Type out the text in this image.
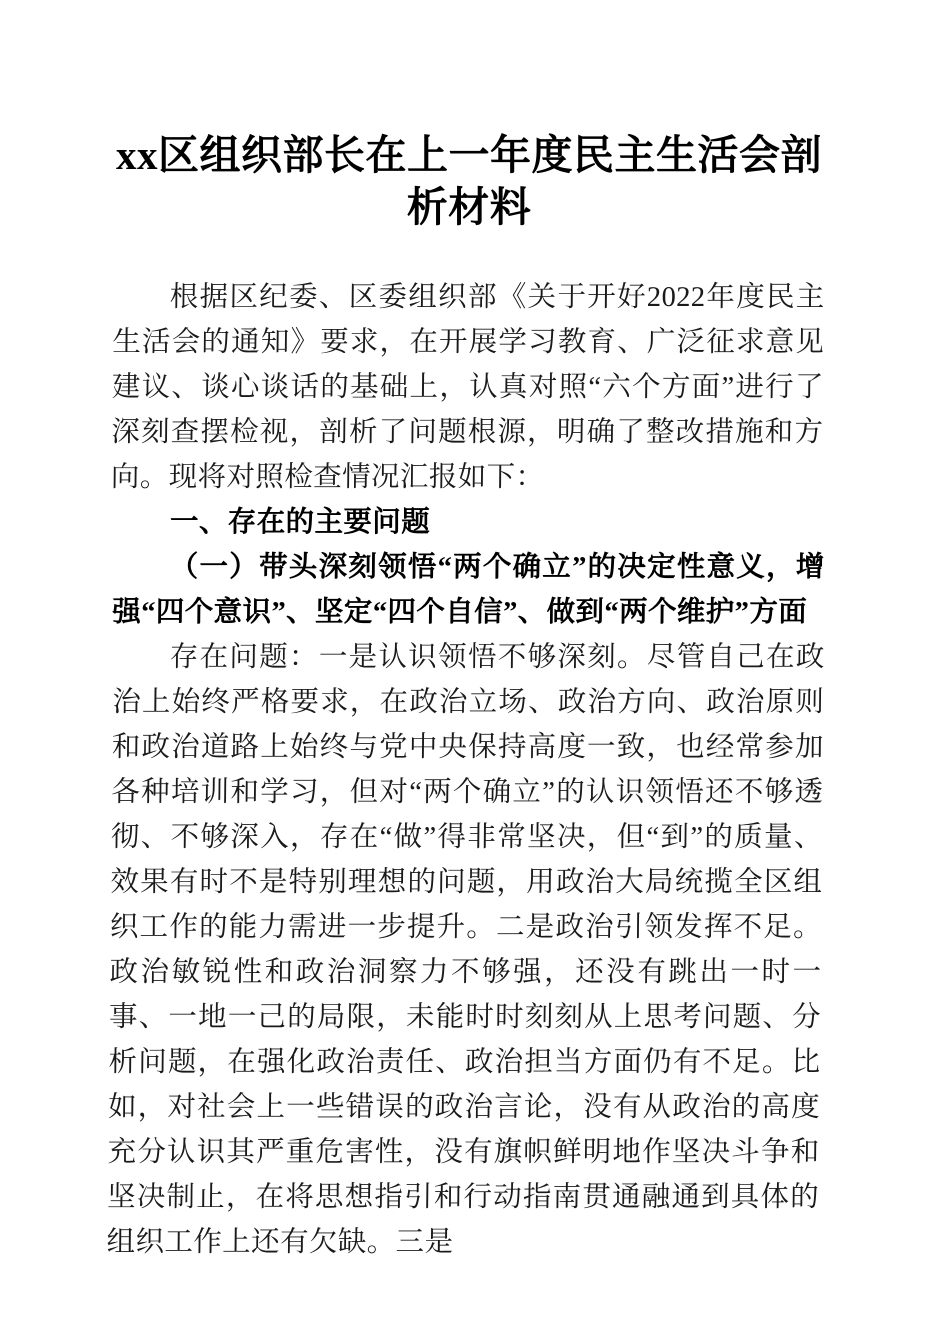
xx区组织部长在上一年度民主生活会剖析材料

根据区纪委、区委组织部《关于开好2022年度民主生活会的通知》要求，在开展学习教育、广泛征求意见建议、谈心谈话的基础上，认真对照“六个方面”进行了深刻查摆检视，剖析了问题根源，明确了整改措施和方向。现将对照检查情况汇报如下：

一、存在的主要问题
（一）带头深刻领悟“两个确立”的决定性意义，增强“四个意识”、坚定“四个自信”、做到“两个维护”方面

存在问题：一是认识领悟不够深刻。尽管自己在政治上始终严格要求，在政治立场、政治方向、政治原则和政治道路上始终与党中央保持高度一致，也经常参加各种培训和学习，但对“两个确立”的认识领悟还不够透彻、不够深入，存在“做”得非常坚决，但“到”的质量、效果有时不是特别理想的问题，用政治大局统揽全区组织工作的能力需进一步提升。二是政治引领发挥不足。政治敏锐性和政治洞察力不够强，还没有跳出一时一事、一地一己的局限，未能时时刻刻从上思考问题、分析问题，在强化政治责任、政治担当方面仍有不足。比如，对社会上一些错误的政治言论，没有从政治的高度充分认识其严重危害性，没有旗帜鲜明地作坚决斗争和坚决制止，在将思想指引和行动指南贯通融通到具体的组织工作上还有欠缺。三是
